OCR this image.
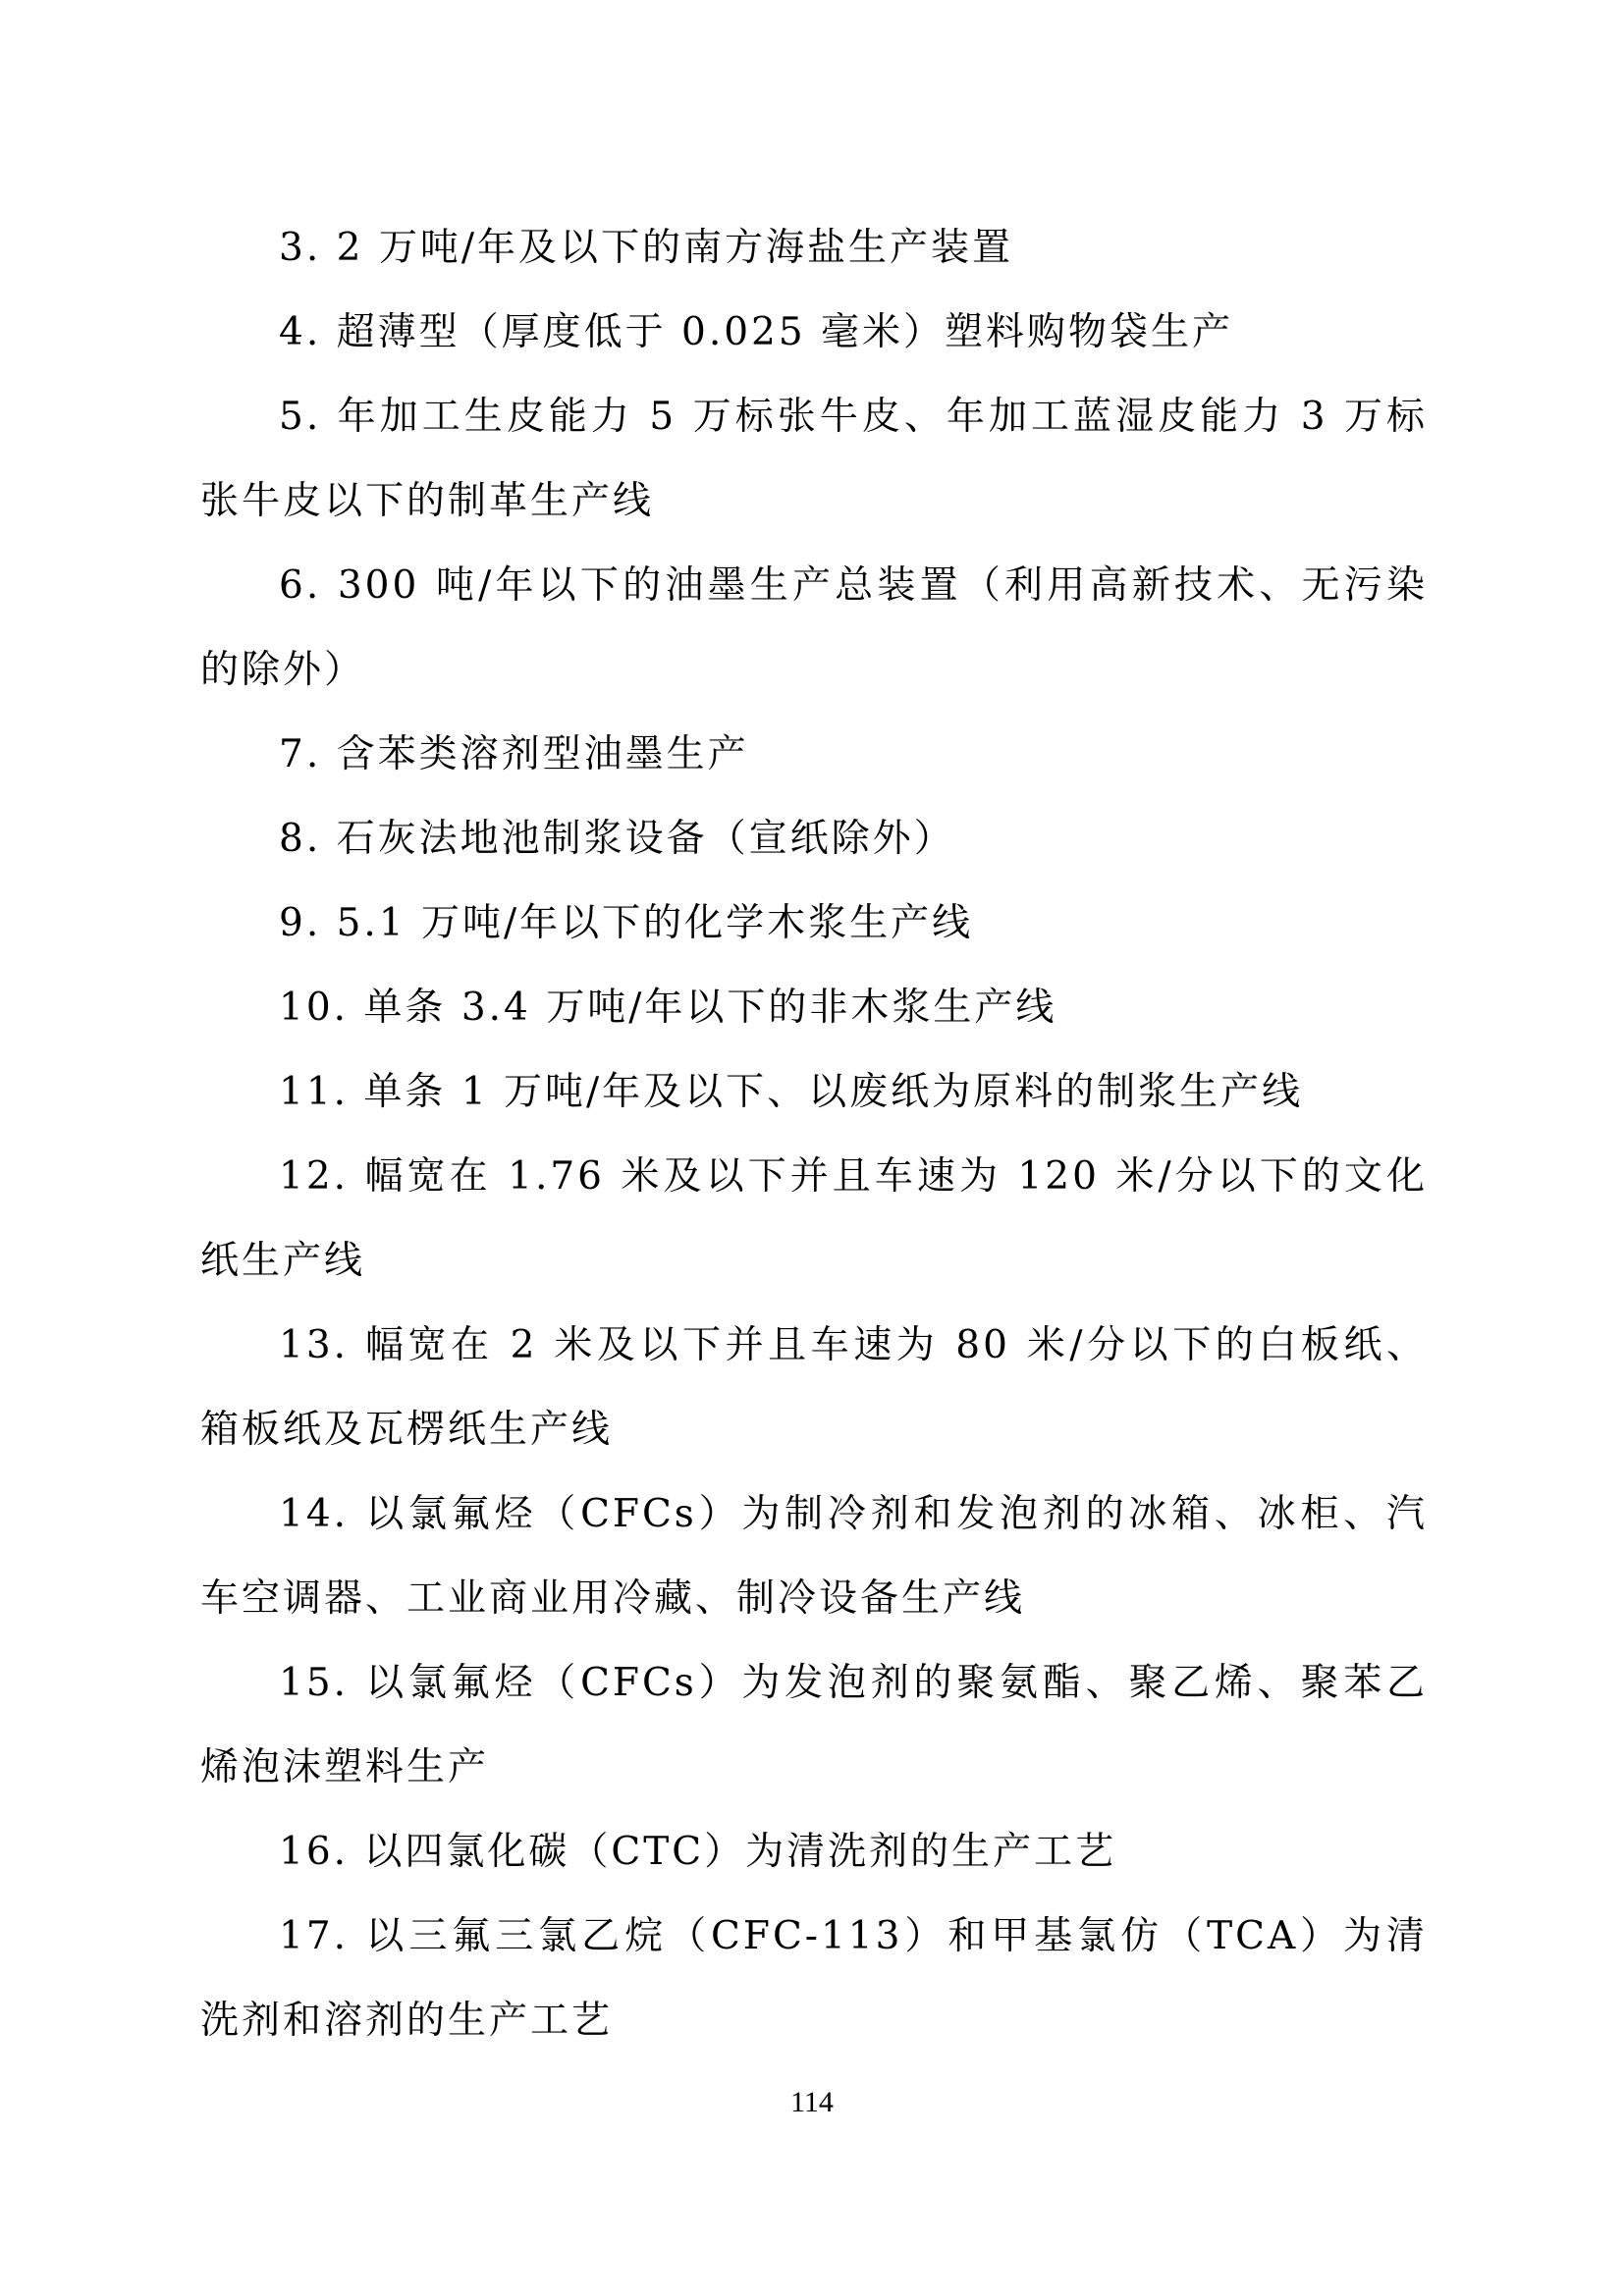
3. 2 万吨/年及以下的南方海盐生产装置

4. 超薄型（厚度低于 0.025 毫米）塑料购物袋生产

5. 年加工生皮能力 5 万标张牛皮、年加工蓝湿皮能力 3 万标张牛皮以下的制革生产线

6. 300 吨/年以下的油墨生产总装置（利用高新技术、无污染的除外）

7. 含苯类溶剂型油墨生产

8. 石灰法地池制浆设备（宣纸除外）

9. 5.1 万吨/年以下的化学木浆生产线

10. 单条 3.4 万吨/年以下的非木浆生产线

11. 单条 1 万吨/年及以下、以废纸为原料的制浆生产线

12. 幅宽在 1.76 米及以下并且车速为 120 米/分以下的文化纸生产线

13. 幅宽在 2 米及以下并且车速为 80 米/分以下的白板纸、箱板纸及瓦楞纸生产线

14. 以氯氟烃（CFCs）为制冷剂和发泡剂的冰箱、冰柜、汽车空调器、工业商业用冷藏、制冷设备生产线

15. 以氯氟烃（CFCs）为发泡剂的聚氨酯、聚乙烯、聚苯乙烯泡沫塑料生产

16. 以四氯化碳（CTC）为清洗剂的生产工艺

17. 以三氟三氯乙烷（CFC-113）和甲基氯仿（TCA）为清洗剂和溶剂的生产工艺

114
